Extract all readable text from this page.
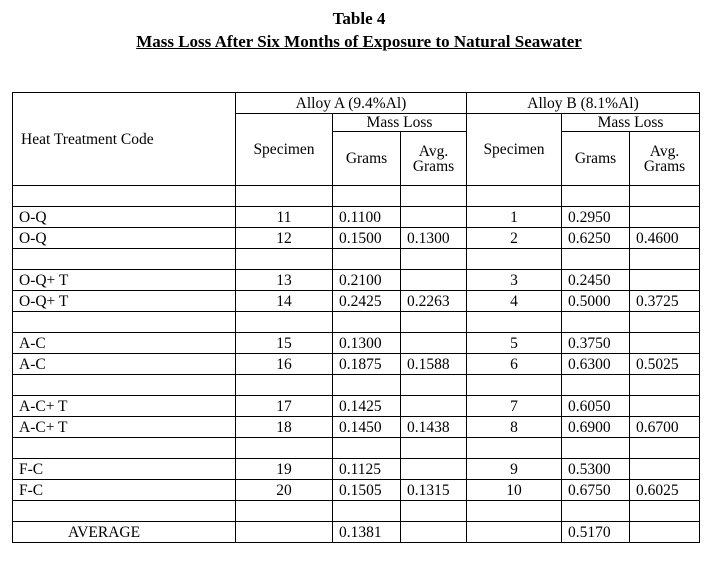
Table 4
Mass Loss After Six Months of Exposure to Natural Seawater
Heat Treatment Code	Alloy A (9.4%Al)			Alloy B (8.1%Al)		
	Specimen	Mass Loss		Specimen	Mass Loss	
		Grams	Avg. Grams		Grams	Avg. Grams

O-Q	11	0.1100		1	0.2950	
O-Q	12	0.1500	0.1300	2	0.6250	0.4600

O-Q+ T	13	0.2100		3	0.2450	
O-Q+ T	14	0.2425	0.2263	4	0.5000	0.3725

A-C	15	0.1300		5	0.3750	
A-C	16	0.1875	0.1588	6	0.6300	0.5025

A-C+ T	17	0.1425		7	0.6050	
A-C+ T	18	0.1450	0.1438	8	0.6900	0.6700

F-C	19	0.1125		9	0.5300	
F-C	20	0.1505	0.1315	10	0.6750	0.6025

AVERAGE		0.1381			0.5170	
